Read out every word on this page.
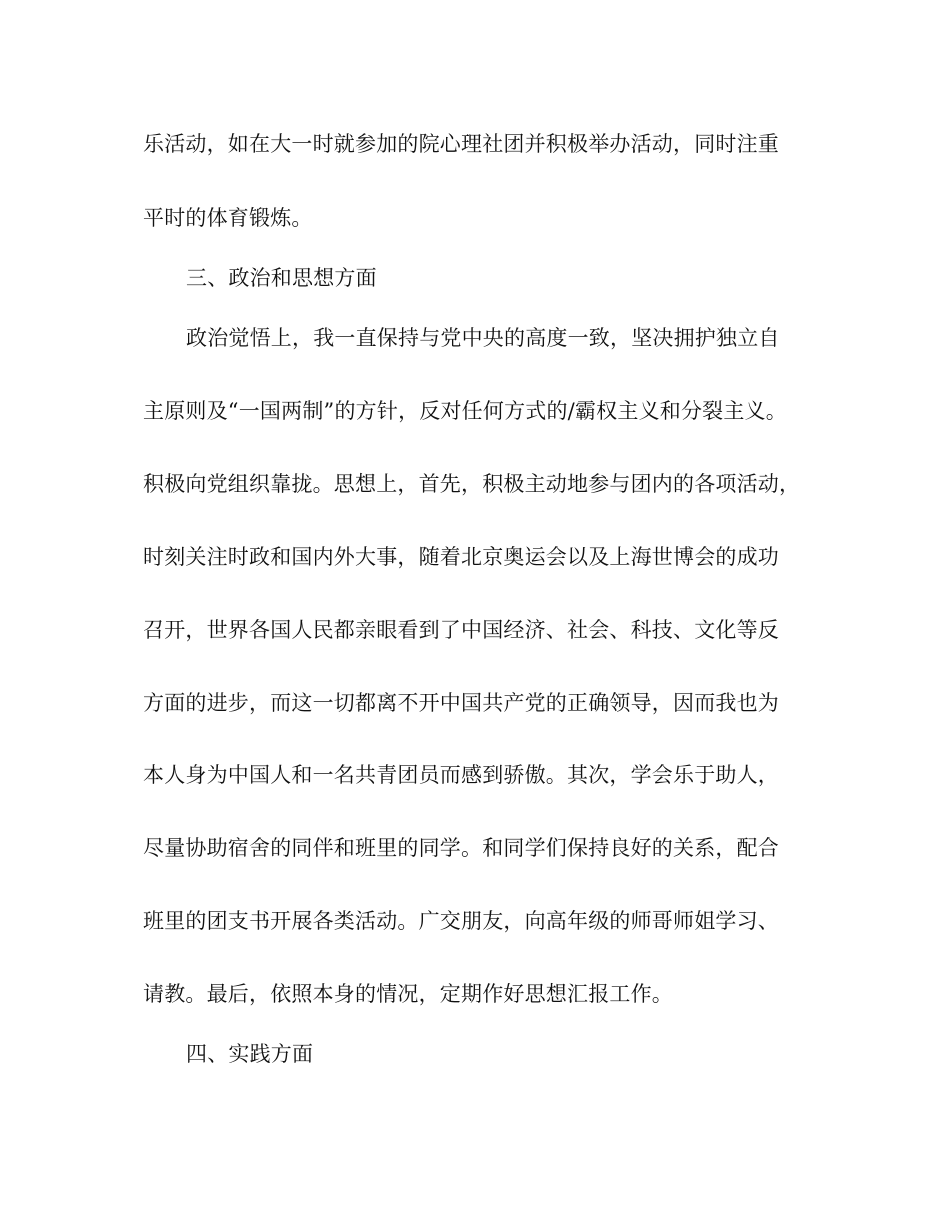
乐活动，如在大一时就参加的院心理社团并积极举办活动，同时注重
平时的体育锻炼。
三、政治和思想方面
政治觉悟上，我一直保持与党中央的高度一致，坚决拥护独立自
主原则及“一国两制”的方针，反对任何方式的/霸权主义和分裂主义。
积极向党组织靠拢。思想上，首先，积极主动地参与团内的各项活动，
时刻关注时政和国内外大事，随着北京奥运会以及上海世博会的成功
召开，世界各国人民都亲眼看到了中国经济、社会、科技、文化等反
方面的进步，而这一切都离不开中国共产党的正确领导，因而我也为
本人身为中国人和一名共青团员而感到骄傲。其次，学会乐于助人，
尽量协助宿舍的同伴和班里的同学。和同学们保持良好的关系，配合
班里的团支书开展各类活动。广交朋友，向高年级的师哥师姐学习、
请教。最后，依照本身的情况，定期作好思想汇报工作。
四、实践方面
